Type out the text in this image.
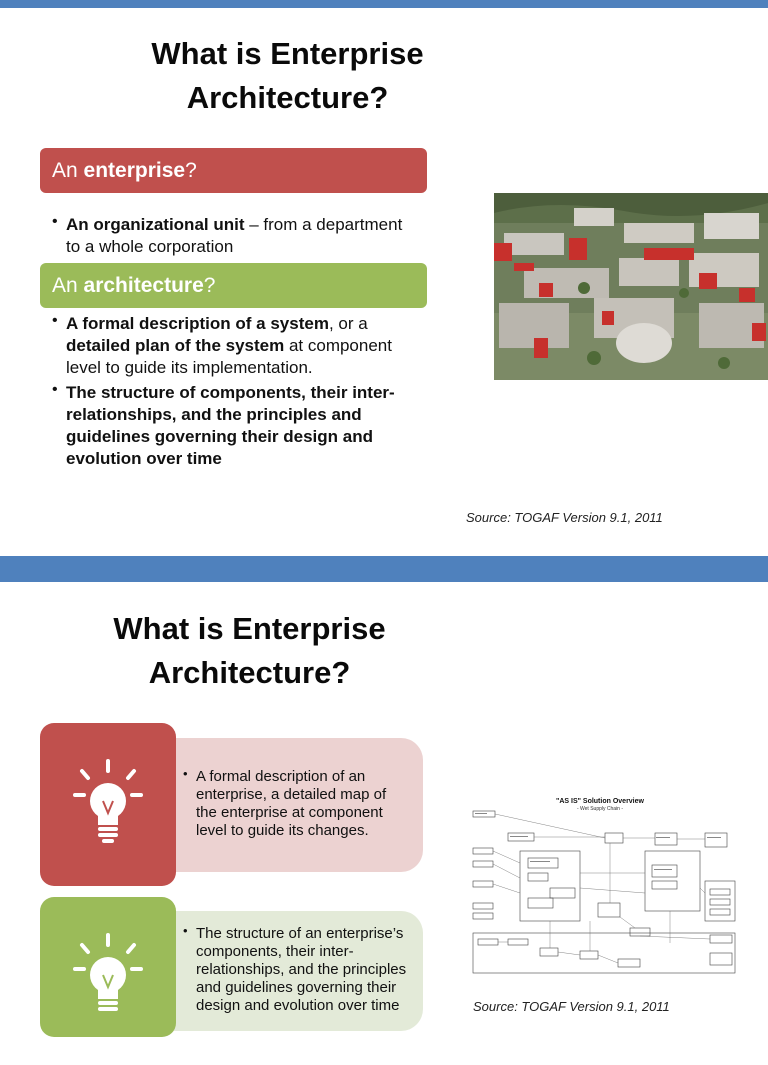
What is Enterprise
Architecture?
An enterprise?
• An organizational unit – from a department to a whole corporation
An architecture?
• A formal description of a system, or a detailed plan of the system at component level to guide its implementation.
• The structure of components, their inter-relationships, and the principles and guidelines governing their design and evolution over time
Source: TOGAF Version 9.1, 2011
What is Enterprise
Architecture?
• A formal description of an enterprise, a detailed map of the enterprise at component level to guide its changes.
• The structure of an enterprise’s components, their inter-relationships, and the principles and guidelines governing their design and evolution over time
"AS IS" Solution Overview
- Wet Supply Chain -
Source: TOGAF Version 9.1, 2011
